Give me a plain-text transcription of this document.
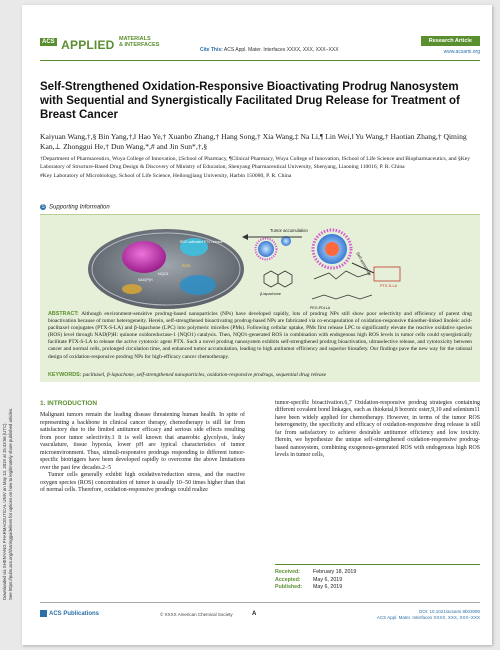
Downloaded via SHENYANG PHARMACEUTICAL UNIV on May 13, 2019 at 15:43:56 (UTC). See https://pubs.acs.org/sharingguidelines for options on how to legitimately share published articles.
ACS APPLIED MATERIALS
& INTERFACES
Cite This: ACS Appl. Mater. Interfaces XXXX, XXX, XXX−XXX
Research Article
www.acsami.org
Self-Strengthened Oxidation-Responsive Bioactivating Prodrug Nanosystem with Sequential and Synergistically Facilitated Drug Release for Treatment of Breast Cancer
Kaiyuan Wang,†,§ Bin Yang,†,‖ Hao Ye,† Xuanbo Zhang,† Hang Song,† Xia Wang,‡ Na Li,¶ Lin Wei,‖ Yu Wang,† Haotian Zhang,† Qiming Kan,⊥ Zhonggui He,† Dun Wang,*,# and Jin Sun*,†,§
†Department of Pharmaceutics, Wuya College of Innovation, ‡School of Pharmacy, ¶Clinical Pharmacy, Wuya College of Innovation, ‖School of Life Science and Biopharmaceutics, and §Key Laboratory of Structure-Based Drug Design & Discovery of Ministry of Education, Shenyang Pharmaceutical University, Shenyang, Liaoning 110016, P. R. China
#Key Laboratory of Microbiology, School of Life Science, Heilongjiang University, Harbin 150080, P. R. China
S Supporting Information
ROS-activated PTX release
NQO1
NAD(P)H
ROS
Tumor accumulation
Self-assembly
β-lapachone
PTX-S-LA
PEG-PDLLA

ABSTRACT: Although environment-sensitive prodrug-based nanoparticles (NPs) have developed rapidly, lots of prodrug NPs still show poor selectivity and efficiency of parent drug bioactivation because of tumor heterogeneity. Herein, self-strengthened bioactivating prodrug-based NPs are fabricated via co-encapsulation of oxidation-responsive thioether-linked linoleic acid-paclitaxel conjugates (PTX-S-LA) and β-lapachone (LPC) into polymeric micelles (PMs). Following cellular uptake, PMs first release LPC to significantly elevate the reactive oxidative species (ROS) level through NAD(P)H: quinone oxidoreductase-1 (NQO1) catalysis. Then, NQO1-generated ROS in combination with endogenous high ROS levels in tumor cells could synergistically facilitate PTX-S-LA to release the active cytotoxic agent PTX. Such a novel prodrug nanosystem exhibits self-strengthened prodrug bioactivation, ultraselective release, and cytotoxicity between cancer and normal cells, prolonged circulation time, and enhanced tumor accumulation, leading to high antitumor efficiency and superior biosafety. Our findings pave the new way for the rational design of oxidation-responsive prodrug NPs for high-efficacy cancer chemotherapy.

KEYWORDS: paclitaxel, β-lapachone, self-strengthened nanoparticles, oxidation-responsive prodrugs, sequential drug release

1. INTRODUCTION

Malignant tumors remain the leading disease threatening human health. In spite of representing a backbone in clinical cancer therapy, chemotherapy is still far from satisfactory due to the limited antitumor efficacy and serious side effects resulting from poor tumor selectivity.1 It is well known that anaerobic glycolysis, leaky vasculature, tissue hypoxia, lower pH are typical characteristics of tumor microenvironment. Thus, stimuli-responsive prodrugs responding to different tumor-specific biotriggers have been developed rapidly to overcome the above limitations over the past few decades.2−5

Tumor cells generally exhibit high oxidative/reduction stress, and the reactive oxygen species (ROS) concentration of tumor is usually 10−50 times higher than that of normal cells. Therefore, oxidation-responsive prodrugs could realize

tumor-specific bioactivation.6,7 Oxidation-responsive prodrug strategies containing different covalent bond linkages, such as thioketal,8 boronic ester,9,10 and selenium11 have been widely applied for chemotherapy. However, in terms of the tumor ROS heterogeneity, the specificity and efficacy of oxidation-responsive drug release is still far from satisfactory to achieve desirable antitumor efficiency and low toxicity. Herein, we hypothesize the unique self-strengthened oxidation-responsive prodrug-based nanosystem, combining exogenous-generated ROS with endogenous high ROS levels in tumor cells,

Received: February 18, 2019
Accepted: May 6, 2019
Published: May 6, 2019
ACS Publications	© XXXX American Chemical Society	A	DOI: 10.1021/acsami.9b03090
ACS Appl. Mater. Interfaces XXXX, XXX, XXX−XXX
